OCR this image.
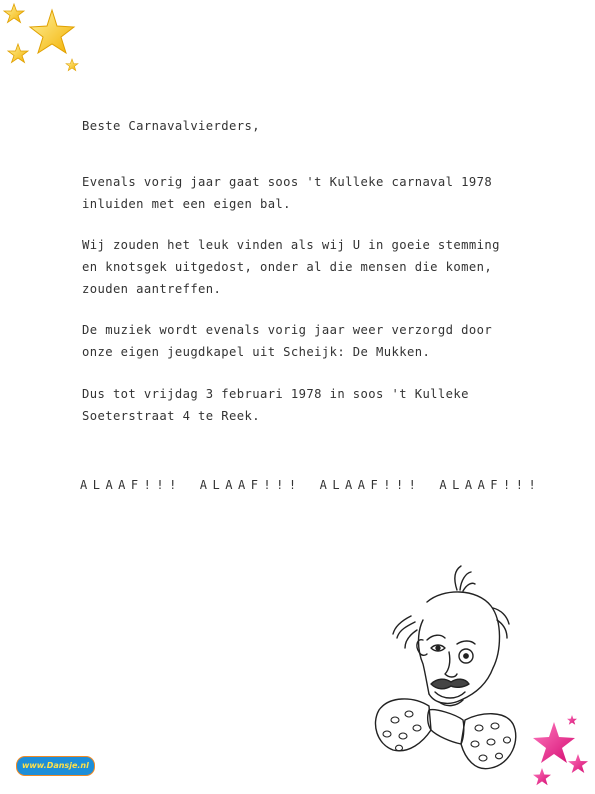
Beste Carnavalvierders,

Evenals vorig jaar gaat soos 't Kulleke carnaval 1978
inluiden met een eigen bal.

Wij zouden het leuk vinden als wij U in goeie stemming
en knotsgek uitgedost, onder al die mensen die komen,
zouden aantreffen.

De muziek wordt evenals vorig jaar weer verzorgd door
onze eigen jeugdkapel uit Scheijk: De Mukken.

Dus tot vrijdag 3 februari 1978 in soos 't Kulleke
Soeterstraat 4 te Reek.

ALAAF!!! ALAAF!!! ALAAF!!! ALAAF!!!
www.Dansje.nl
